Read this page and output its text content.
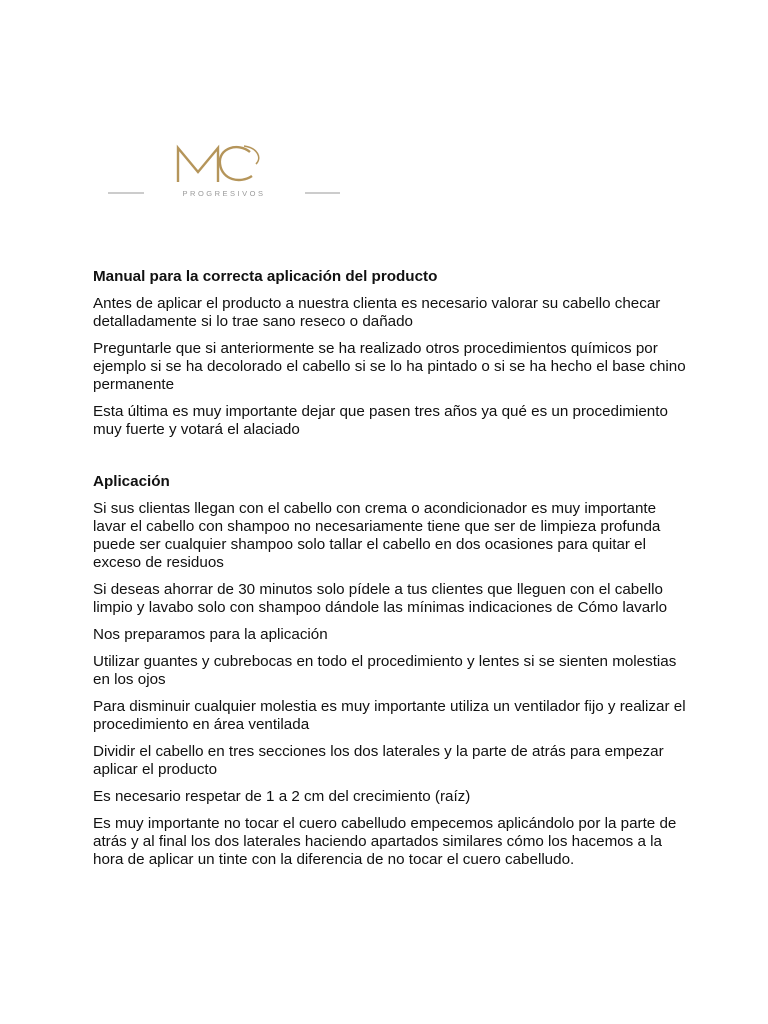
PROGRESIVOS
Manual para la correcta aplicación del producto

Antes de aplicar el producto a nuestra clienta es necesario valorar su cabello checar detalladamente si lo trae sano reseco o dañado

Preguntarle que si anteriormente se ha realizado otros procedimientos químicos por ejemplo si se ha decolorado el cabello si se lo ha pintado o si se ha hecho el base chino permanente

Esta última es muy importante dejar que pasen tres años ya qué es un procedimiento muy fuerte y votará el alaciado

Aplicación

Si sus clientas llegan con el cabello con crema o acondicionador es muy importante lavar el cabello con shampoo no necesariamente tiene que ser de limpieza profunda puede ser cualquier shampoo solo tallar el cabello en dos ocasiones para quitar el exceso de residuos

Si deseas ahorrar de 30 minutos solo pídele a tus clientes que lleguen con el cabello limpio y lavabo solo con shampoo dándole las mínimas indicaciones de Cómo lavarlo

Nos preparamos para la aplicación

Utilizar guantes y cubrebocas en todo el procedimiento y lentes si se sienten molestias en los ojos

Para disminuir cualquier molestia es muy importante utiliza un ventilador fijo y realizar el procedimiento en área ventilada

Dividir el cabello en tres secciones los dos laterales y la parte de atrás para empezar aplicar el producto

Es necesario respetar de 1 a 2 cm del crecimiento (raíz)

Es muy importante no tocar el cuero cabelludo empecemos aplicándolo por la parte de atrás y al final los dos laterales haciendo apartados similares cómo los hacemos a la hora de aplicar un tinte con la diferencia de no tocar el cuero cabelludo.
